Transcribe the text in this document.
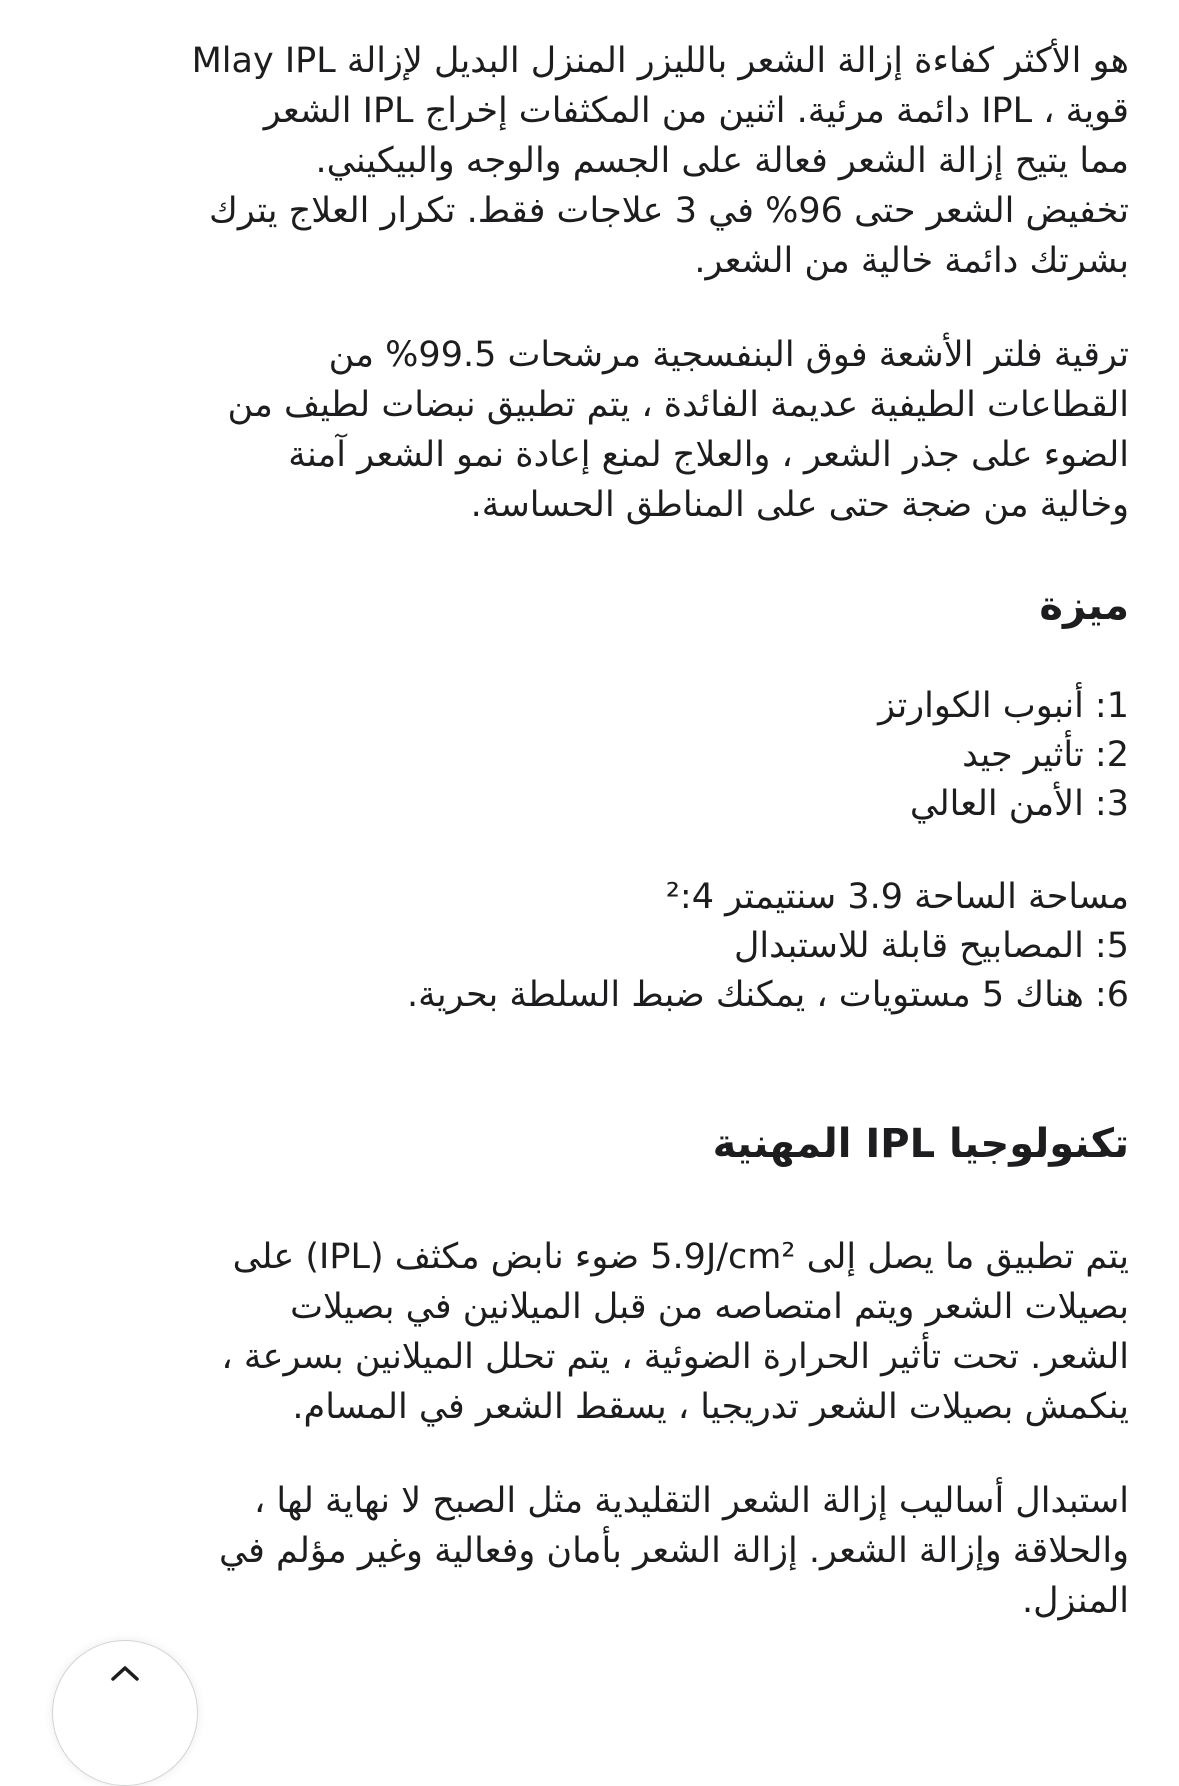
هو الأكثر كفاءة إزالة الشعر بالليزر المنزل البديل لإزالة Mlay IPL

قوية ، IPL دائمة مرئية. اثنين من المكثفات إخراج IPL الشعر

مما يتيح إزالة الشعر فعالة على الجسم والوجه والبيكيني.

تخفيض الشعر حتى 96% في 3 علاجات فقط. تكرار العلاج يترك

بشرتك دائمة خالية من الشعر.

ترقية فلتر الأشعة فوق البنفسجية مرشحات 99.5% من

القطاعات الطيفية عديمة الفائدة ، يتم تطبيق نبضات لطيف من

الضوء على جذر الشعر ، والعلاج لمنع إعادة نمو الشعر آمنة

وخالية من ضجة حتى على المناطق الحساسة.

ميزة

1: أنبوب الكوارتز

2: تأثير جيد

3: الأمن العالي

مساحة الساحة 3.9 سنتيمتر ²:4

5: المصابيح قابلة للاستبدال

6: هناك 5 مستويات ، يمكنك ضبط السلطة بحرية.

تكنولوجيا IPL المهنية

يتم تطبيق ما يصل إلى 5.9J/cm² ضوء نابض مكثف (IPL) على

بصيلات الشعر ويتم امتصاصه من قبل الميلانين في بصيلات

الشعر. تحت تأثير الحرارة الضوئية ، يتم تحلل الميلانين بسرعة ،

ينكمش بصيلات الشعر تدريجيا ، يسقط الشعر في المسام.

استبدال أساليب إزالة الشعر التقليدية مثل الصبح لا نهاية لها ،

والحلاقة وإزالة الشعر. إزالة الشعر بأمان وفعالية وغير مؤلم في

المنزل.
